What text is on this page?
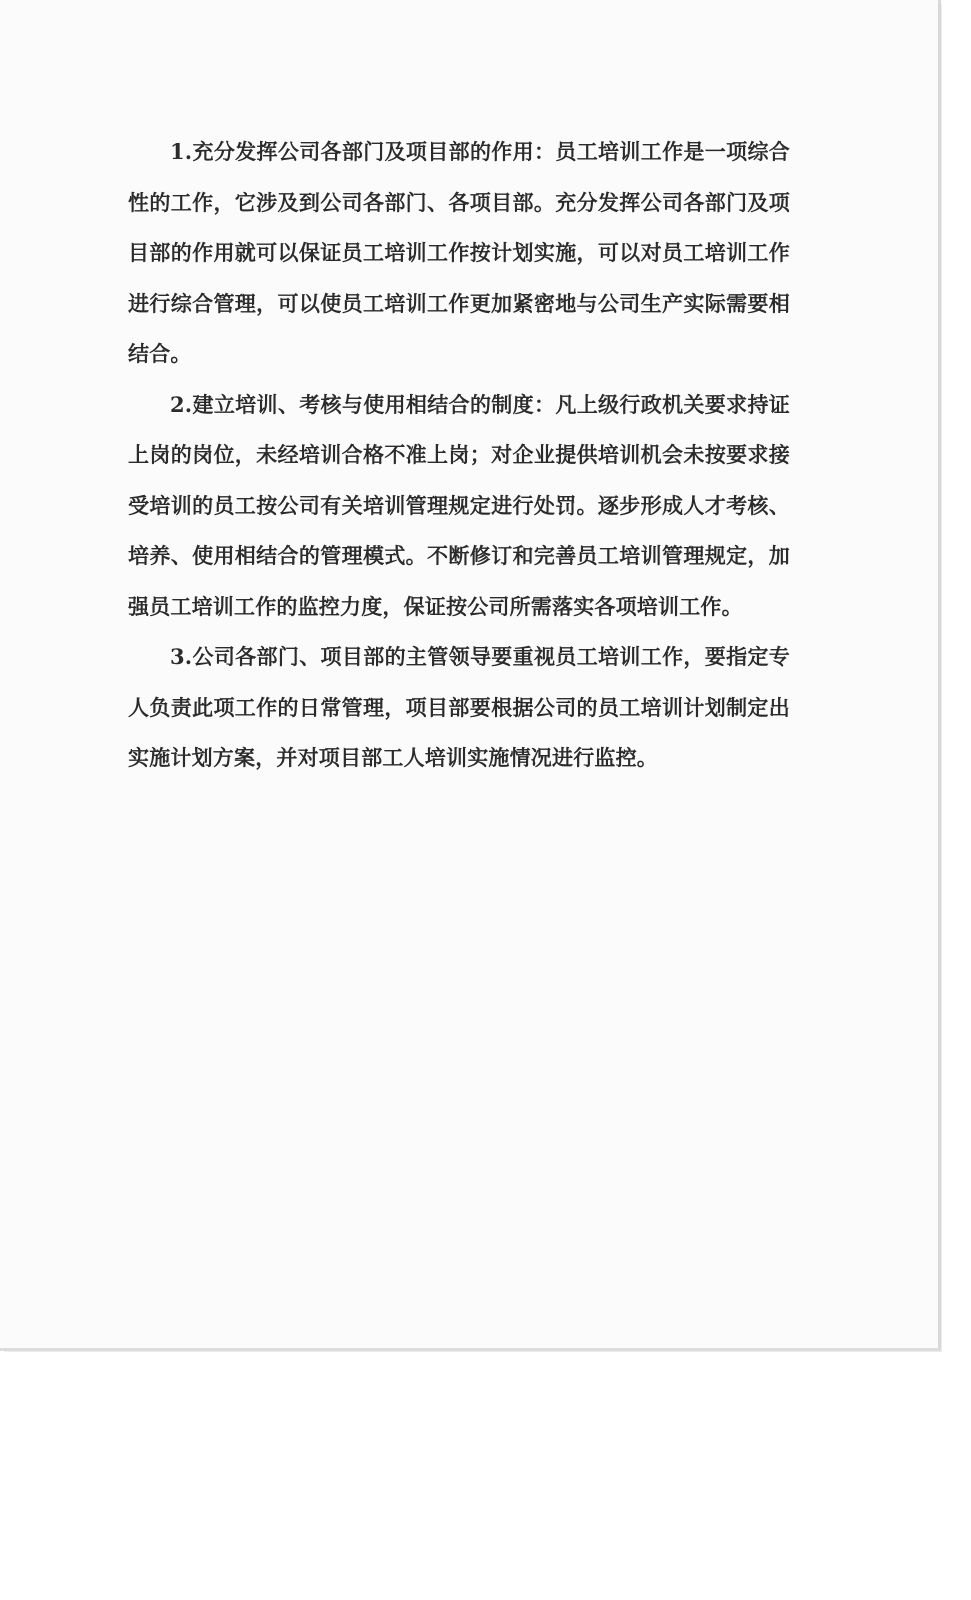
1.充分发挥公司各部门及项目部的作用：员工培训工作是一项综合性的工作，它涉及到公司各部门、各项目部。充分发挥公司各部门及项目部的作用就可以保证员工培训工作按计划实施，可以对员工培训工作进行综合管理，可以使员工培训工作更加紧密地与公司生产实际需要相结合。

2.建立培训、考核与使用相结合的制度：凡上级行政机关要求持证上岗的岗位，未经培训合格不准上岗；对企业提供培训机会未按要求接受培训的员工按公司有关培训管理规定进行处罚。逐步形成人才考核、培养、使用相结合的管理模式。不断修订和完善员工培训管理规定，加强员工培训工作的监控力度，保证按公司所需落实各项培训工作。

3.公司各部门、项目部的主管领导要重视员工培训工作，要指定专人负责此项工作的日常管理，项目部要根据公司的员工培训计划制定出实施计划方案，并对项目部工人培训实施情况进行监控。
